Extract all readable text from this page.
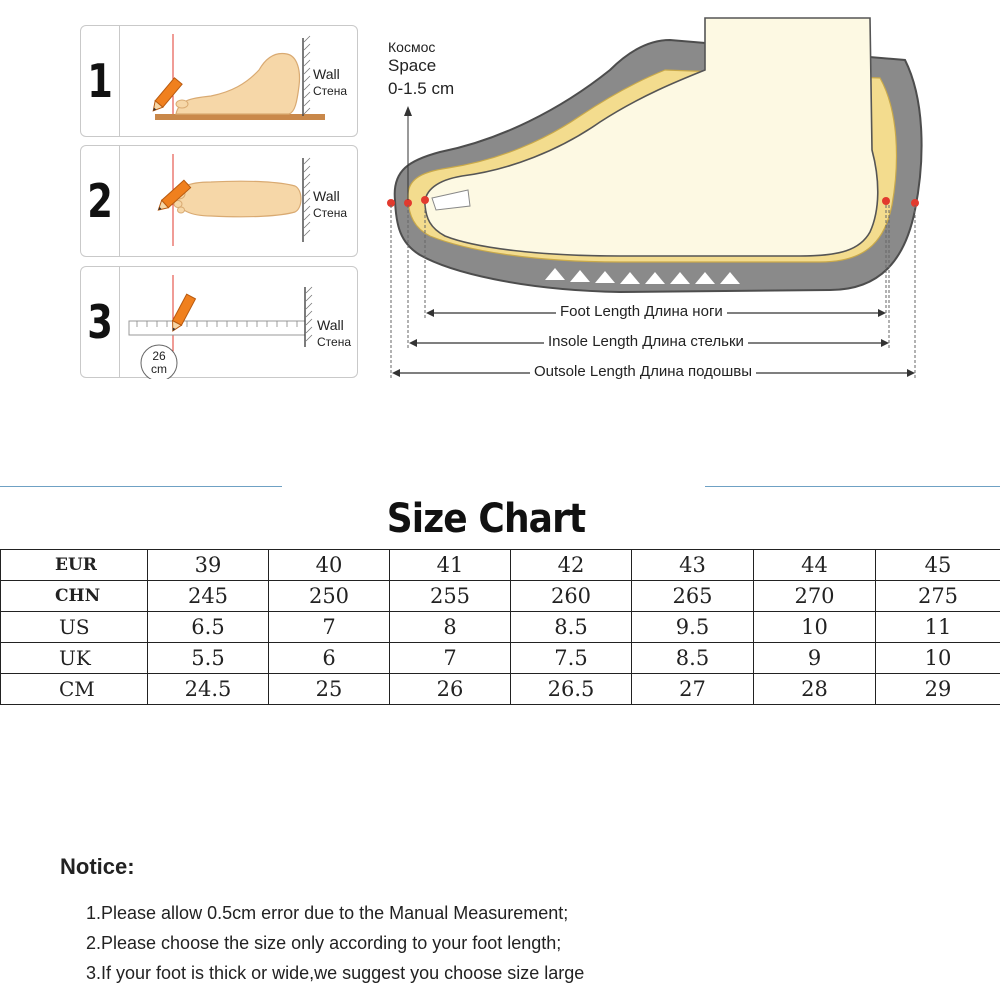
1	Wall
Стена
2	Wall
Стена
3
26
cm
Wall
Стена
Космос
Space
0-1.5 cm
Foot Length Длина ноги
Insole Length Длина стельки
Outsole Length Длина подошвы
Size Chart
EUR	39	40	41	42	43	44	45
CHN	245	250	255	260	265	270	275
US	6.5	7	8	8.5	9.5	10	11
UK	5.5	6	7	7.5	8.5	9	10
CM	24.5	25	26	26.5	27	28	29
Notice:
1.Please allow 0.5cm error due to the Manual Measurement;
2.Please choose the size only according to your foot length;
3.If your foot is thick or wide,we suggest you choose size large
